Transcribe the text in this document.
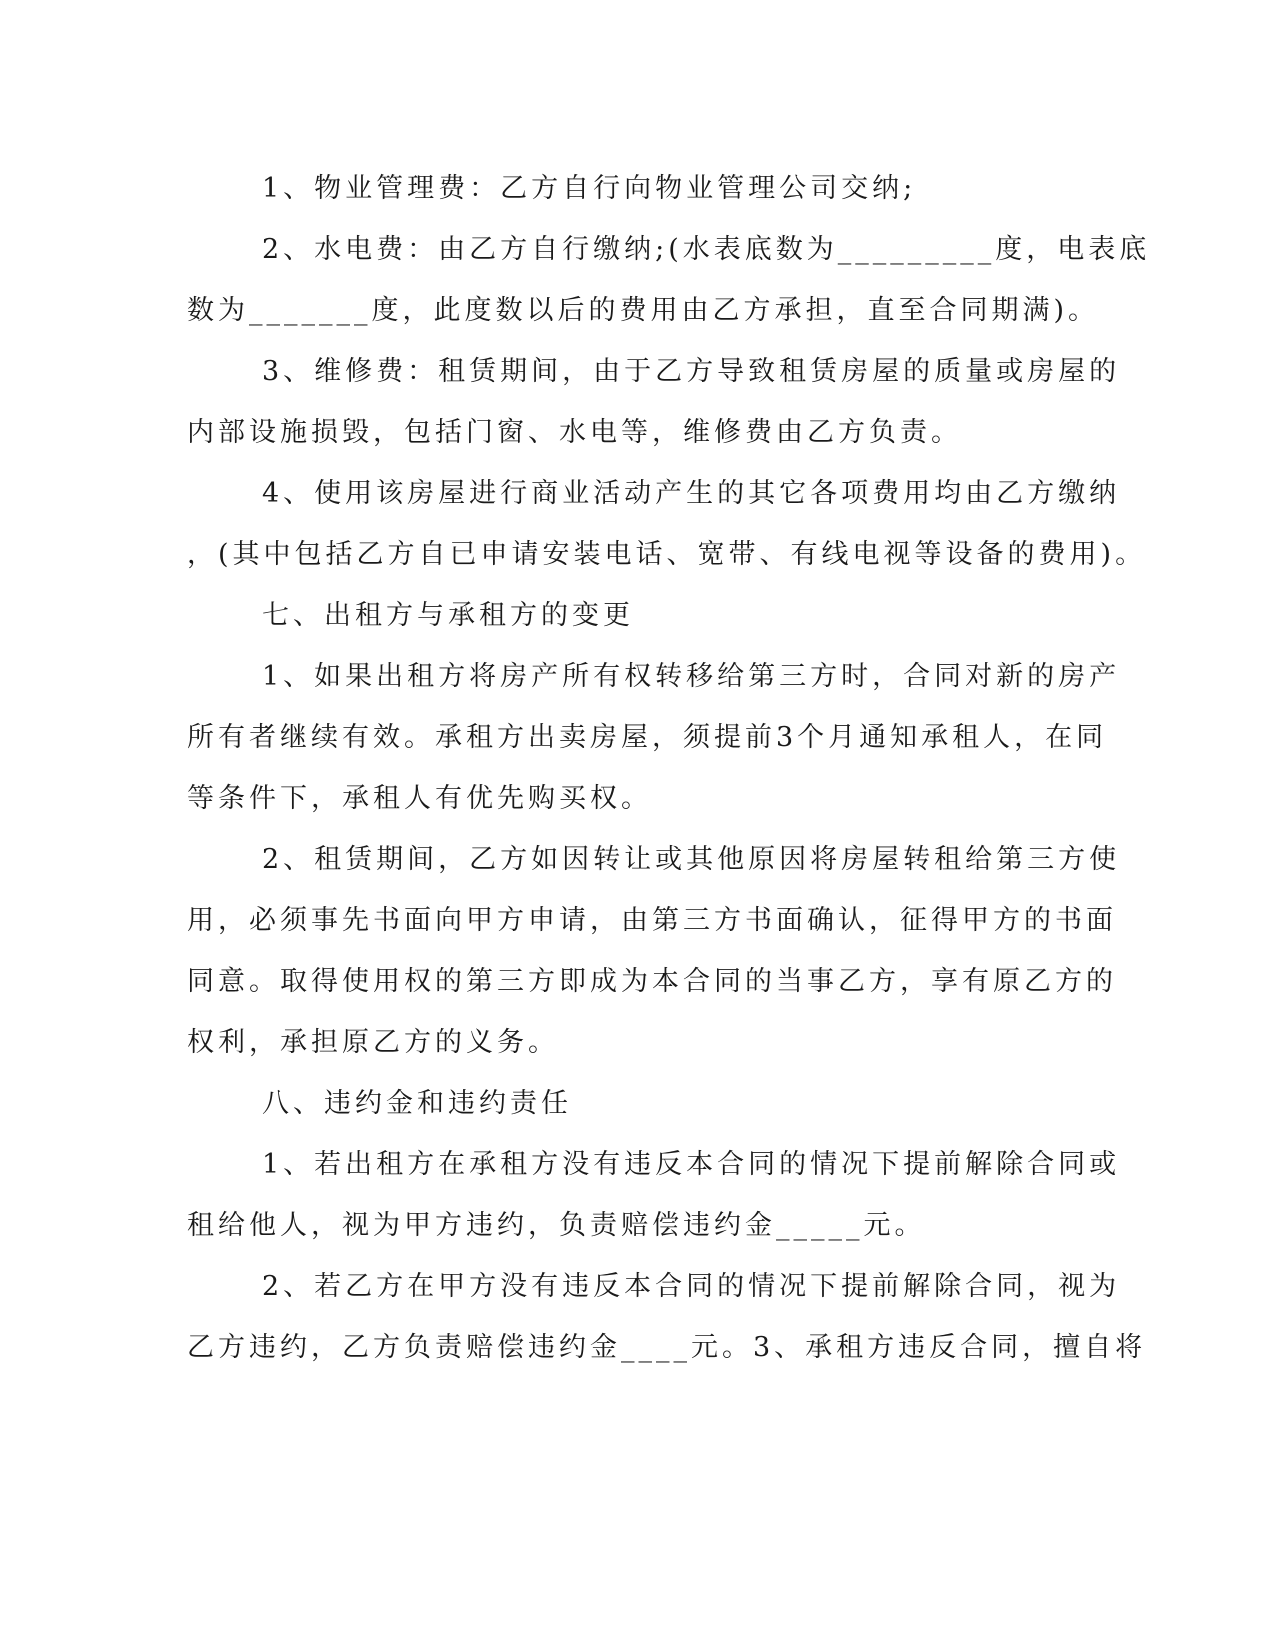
1、物业管理费：乙方自行向物业管理公司交纳;
2、水电费：由乙方自行缴纳;(水表底数为_________度，电表底
数为_______度，此度数以后的费用由乙方承担，直至合同期满)。
3、维修费：租赁期间，由于乙方导致租赁房屋的质量或房屋的
内部设施损毁，包括门窗、水电等，维修费由乙方负责。
4、使用该房屋进行商业活动产生的其它各项费用均由乙方缴纳
，(其中包括乙方自已申请安装电话、宽带、有线电视等设备的费用)。
七、出租方与承租方的变更
1、如果出租方将房产所有权转移给第三方时，合同对新的房产
所有者继续有效。承租方出卖房屋，须提前3个月通知承租人，在同
等条件下，承租人有优先购买权。
2、租赁期间，乙方如因转让或其他原因将房屋转租给第三方使
用，必须事先书面向甲方申请，由第三方书面确认，征得甲方的书面
同意。取得使用权的第三方即成为本合同的当事乙方，享有原乙方的
权利，承担原乙方的义务。
八、违约金和违约责任
1、若出租方在承租方没有违反本合同的情况下提前解除合同或
租给他人，视为甲方违约，负责赔偿违约金_____元。
2、若乙方在甲方没有违反本合同的情况下提前解除合同，视为
乙方违约，乙方负责赔偿违约金____元。3、承租方违反合同，擅自将
